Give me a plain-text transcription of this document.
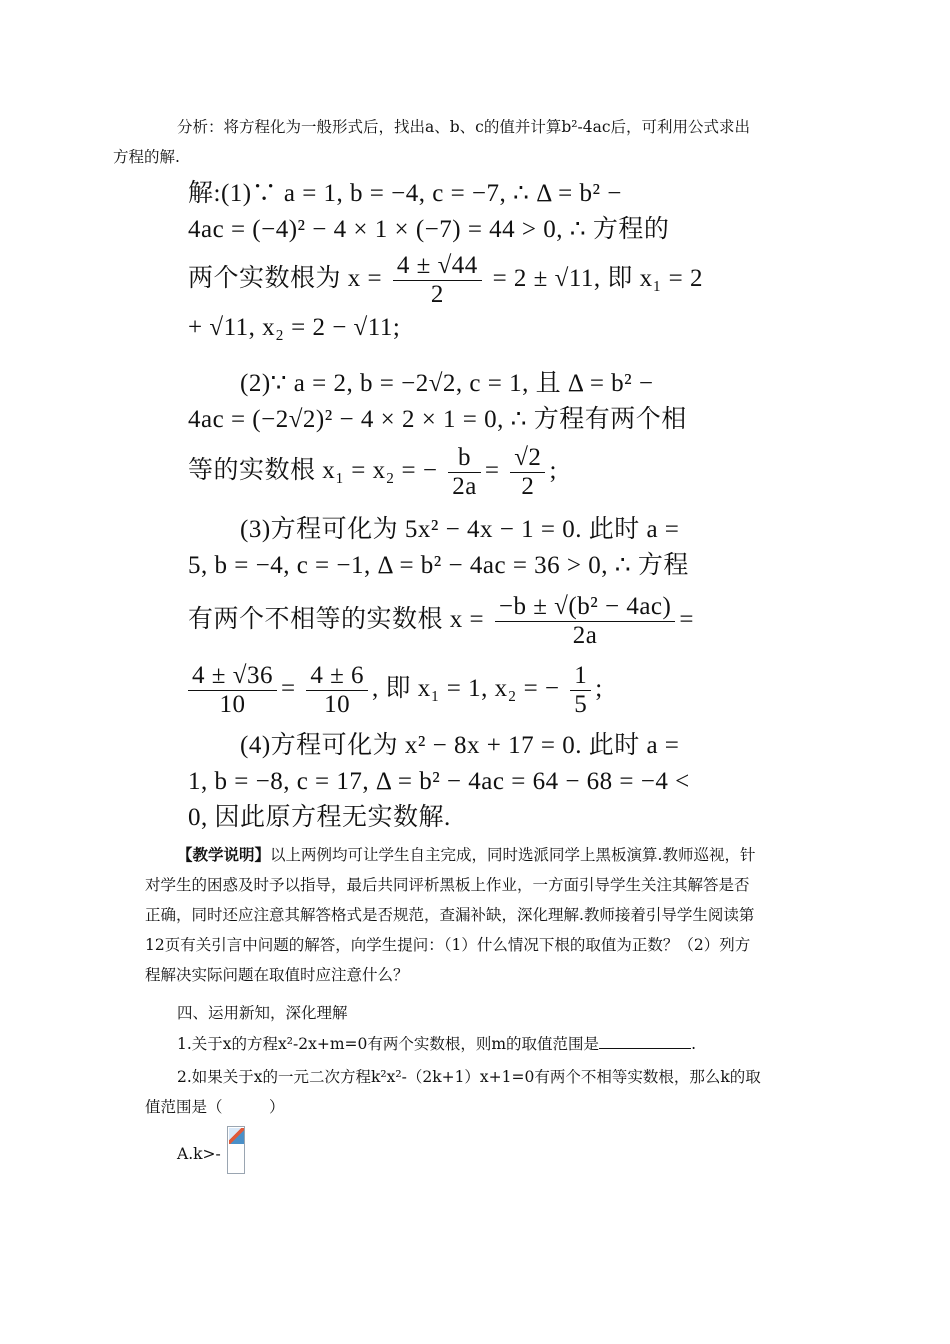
分析：将方程化为一般形式后，找出a、b、c的值并计算b²-4ac后，可利用公式求出
方程的解.
解:(1)∵ a = 1, b = −4, c = −7, ∴ Δ = b² −
4ac = (−4)² − 4 × 1 × (−7) = 44 > 0, ∴ 方程的
两个实数根为 $x = \frac{4 \pm √44}{2} = 2 \pm √11$, 即 x₁ = 2
+ √11, x₂ = 2 − √11;
(2)∵ a = 2, b = −2√2, c = 1, 且 Δ = b² −
4ac = (−2√2)² − 4 × 2 × 1 = 0, ∴ 方程有两个相
等的实数根 x₁ = x₂ = − $\frac{b}{2a} = \frac{√2}{2}$ ;
(3)方程可化为 5x² − 4x − 1 = 0. 此时 a =
5, b = −4, c = −1, Δ = b² − 4ac = 36 > 0, ∴ 方程
有两个不相等的实数根 $x = \frac{\text{−b ± √(b² − 4ac)}}{2a}$ =
$\frac{4 \pm √36}{10} = \frac{4 \pm 6}{10}$ , 即 x₁ = 1, x₂ = − $\frac{1}{5}$ ;
(4)方程可化为 x² − 8x + 17 = 0. 此时 a =
1, b = −8, c = 17, Δ = b² − 4ac = 64 − 68 = −4 <
0, 因此原方程无实数解.
【教学说明】以上两例均可让学生自主完成，同时选派同学上黑板演算.教师巡视，针
对学生的困惑及时予以指导，最后共同评析黑板上作业，一方面引导学生关注其解答是否
正确，同时还应注意其解答格式是否规范，查漏补缺，深化理解.教师接着引导学生阅读第
12页有关引言中问题的解答，向学生提问：（1）什么情况下根的取值为正数？（2）列方
程解决实际问题在取值时应注意什么？
四、运用新知，深化理解
1.关于x的方程x²-2x+m=0有两个实数根，则m的取值范围是	.
2.如果关于x的一元二次方程k²x²-（2k+1）x+1=0有两个不相等实数根，那么k的取
值范围是（　　　）
A.k>-
